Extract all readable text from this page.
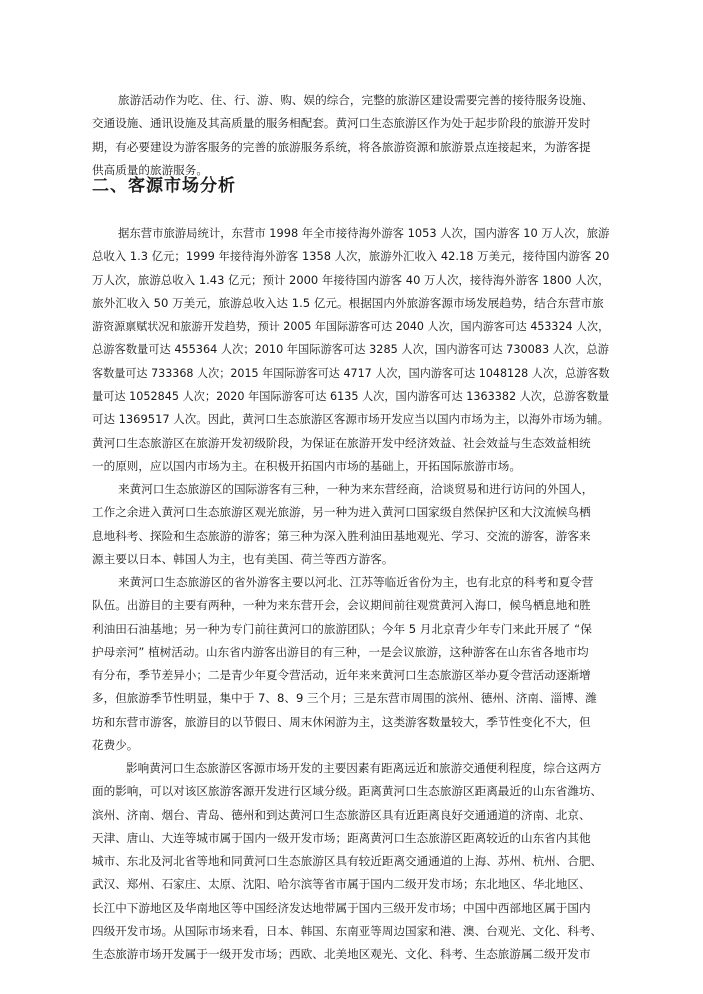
旅游活动作为吃、住、行、游、购、娱的综合，完整的旅游区建设需要完善的接待服务设施、
交通设施、通讯设施及其高质量的服务相配套。黄河口生态旅游区作为处于起步阶段的旅游开发时
期，有必要建设为游客服务的完善的旅游服务系统，将各旅游资源和旅游景点连接起来，为游客提
供高质量的旅游服务。
二、客源市场分析
据东营市旅游局统计，东营市 1998 年全市接待海外游客 1053 人次，国内游客 10 万人次，旅游
总收入 1.3 亿元；1999 年接待海外游客 1358 人次，旅游外汇收入 42.18 万美元，接待国内游客 20
万人次，旅游总收入 1.43 亿元；预计 2000 年接待国内游客 40 万人次，接待海外游客 1800 人次，
旅外汇收入 50 万美元，旅游总收入达 1.5 亿元。根据国内外旅游客源市场发展趋势，结合东营市旅
游资源禀赋状况和旅游开发趋势，预计 2005 年国际游客可达 2040 人次，国内游客可达 453324 人次，
总游客数量可达 455364 人次；2010 年国际游客可达 3285 人次，国内游客可达 730083 人次，总游
客数量可达 733368 人次；2015 年国际游客可达 4717 人次，国内游客可达 1048128 人次，总游客数
量可达 1052845 人次；2020 年国际游客可达 6135 人次，国内游客可达 1363382 人次，总游客数量
可达 1369517 人次。因此，黄河口生态旅游区客源市场开发应当以国内市场为主，以海外市场为辅。
黄河口生态旅游区在旅游开发初级阶段，为保证在旅游开发中经济效益、社会效益与生态效益相统
一的原则，应以国内市场为主。在积极开拓国内市场的基础上，开拓国际旅游市场。
来黄河口生态旅游区的国际游客有三种，一种为来东营经商，洽谈贸易和进行访问的外国人，
工作之余进入黄河口生态旅游区观光旅游，另一种为进入黄河口国家级自然保护区和大汶流候鸟栖
息地科考、探险和生态旅游的游客；第三种为深入胜利油田基地观光、学习、交流的游客，游客来
源主要以日本、韩国人为主，也有美国、荷兰等西方游客。
来黄河口生态旅游区的省外游客主要以河北、江苏等临近省份为主，也有北京的科考和夏令营
队伍。出游目的主要有两种，一种为来东营开会，会议期间前往观赏黄河入海口，候鸟栖息地和胜
利油田石油基地；另一种为专门前往黄河口的旅游团队；今年 5 月北京青少年专门来此开展了 “保
护母亲河” 植树活动。山东省内游客出游目的有三种，一是会议旅游，这种游客在山东省各地市均
有分布，季节差异小；二是青少年夏令营活动，近年来来黄河口生态旅游区举办夏令营活动逐渐增
多，但旅游季节性明显，集中于 7、8、9 三个月；三是东营市周围的滨州、德州、济南、淄博、潍
坊和东营市游客，旅游目的以节假日、周末休闲游为主，这类游客数量较大，季节性变化不大，但
花费少。
影响黄河口生态旅游区客源市场开发的主要因素有距离远近和旅游交通便利程度，综合这两方
面的影响，可以对该区旅游客源开发进行区域分级。距离黄河口生态旅游区距离最近的山东省潍坊、
滨州、济南、烟台、青岛、德州和到达黄河口生态旅游区具有近距离良好交通通道的济南、北京、
天津、唐山、大连等城市属于国内一级开发市场；距离黄河口生态旅游区距离较近的山东省内其他
城市、东北及河北省等地和同黄河口生态旅游区具有较近距离交通通道的上海、苏州、杭州、合肥、
武汉、郑州、石家庄、太原、沈阳、哈尔滨等省市属于国内二级开发市场；东北地区、华北地区、
长江中下游地区及华南地区等中国经济发达地带属于国内三级开发市场；中国中西部地区属于国内
四级开发市场。从国际市场来看，日本、韩国、东南亚等周边国家和港、澳、台观光、文化、科考、
生态旅游市场开发属于一级开发市场；西欧、北美地区观光、文化、科考、生态旅游属二级开发市
